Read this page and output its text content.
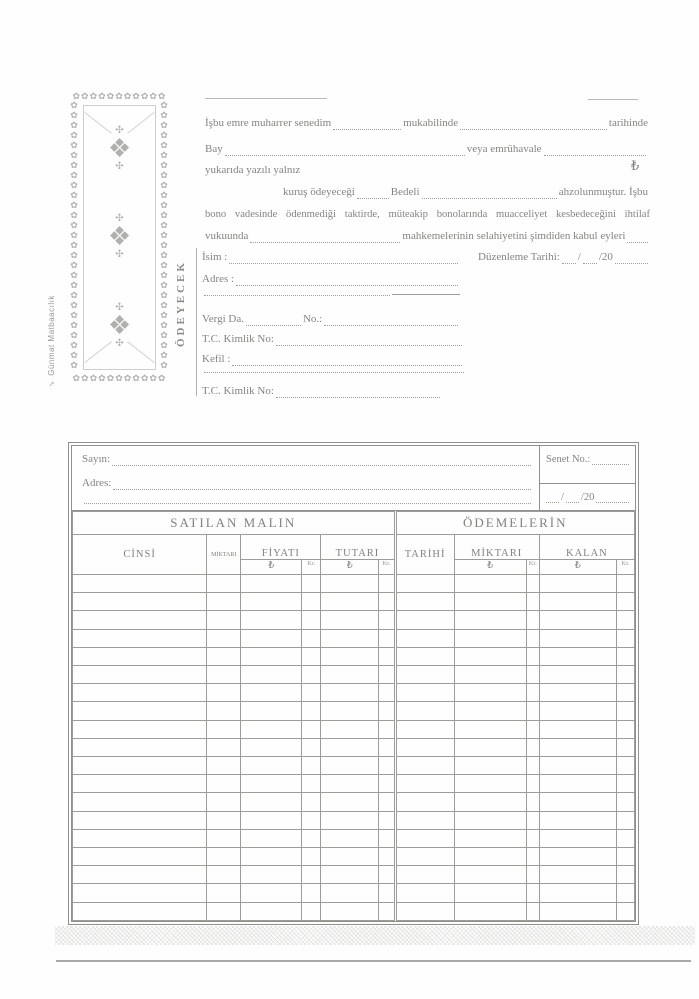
✿✿✿✿✿✿✿✿✿✿✿
✿✿✿✿✿✿✿✿✿✿✿
✿✿✿✿✿✿✿✿✿✿✿✿✿✿✿✿✿✿✿✿✿✿✿✿✿✿✿	✿✿✿✿✿✿✿✿✿✿✿✿✿✿✿✿✿✿✿✿✿✿✿✿✿✿✿
✣
❖
✣
✣
❖
✣
✣
❖
✣
✓ Günmat Matbaacılık
İşbu emre muharrer senedim	mukabilinde	tarihinde
Bay	veya emrühavale
yukarıda yazılı yalnız	₺
kuruş ödeyeceği	Bedeli	ahzolunmuştur. İşbu
bono vadesinde ödenmediği taktirde, müteakip bonolarında muacceliyet kesbedeceğini ihtilaf
vukuunda	mahkemelerinin selahiyetini şimdiden kabul eyleri
ÖDEYECEK
İsim :	Düzenleme Tarihi: / /20
Adres :
Vergi Da.	No.:
T.C. Kimlik No:
Kefil :
T.C. Kimlik No:
Sayın:
Adres:
Senet No.:
/ /20
SATILAN MALIN						ÖDEMELERİN				
CİNSİ	MİKTARI	FİYATI		TUTARI		TARİHİ	MİKTARI		KALAN	
		₺	Kr.	₺	Kr.		₺	Kr.	₺	Kr.
